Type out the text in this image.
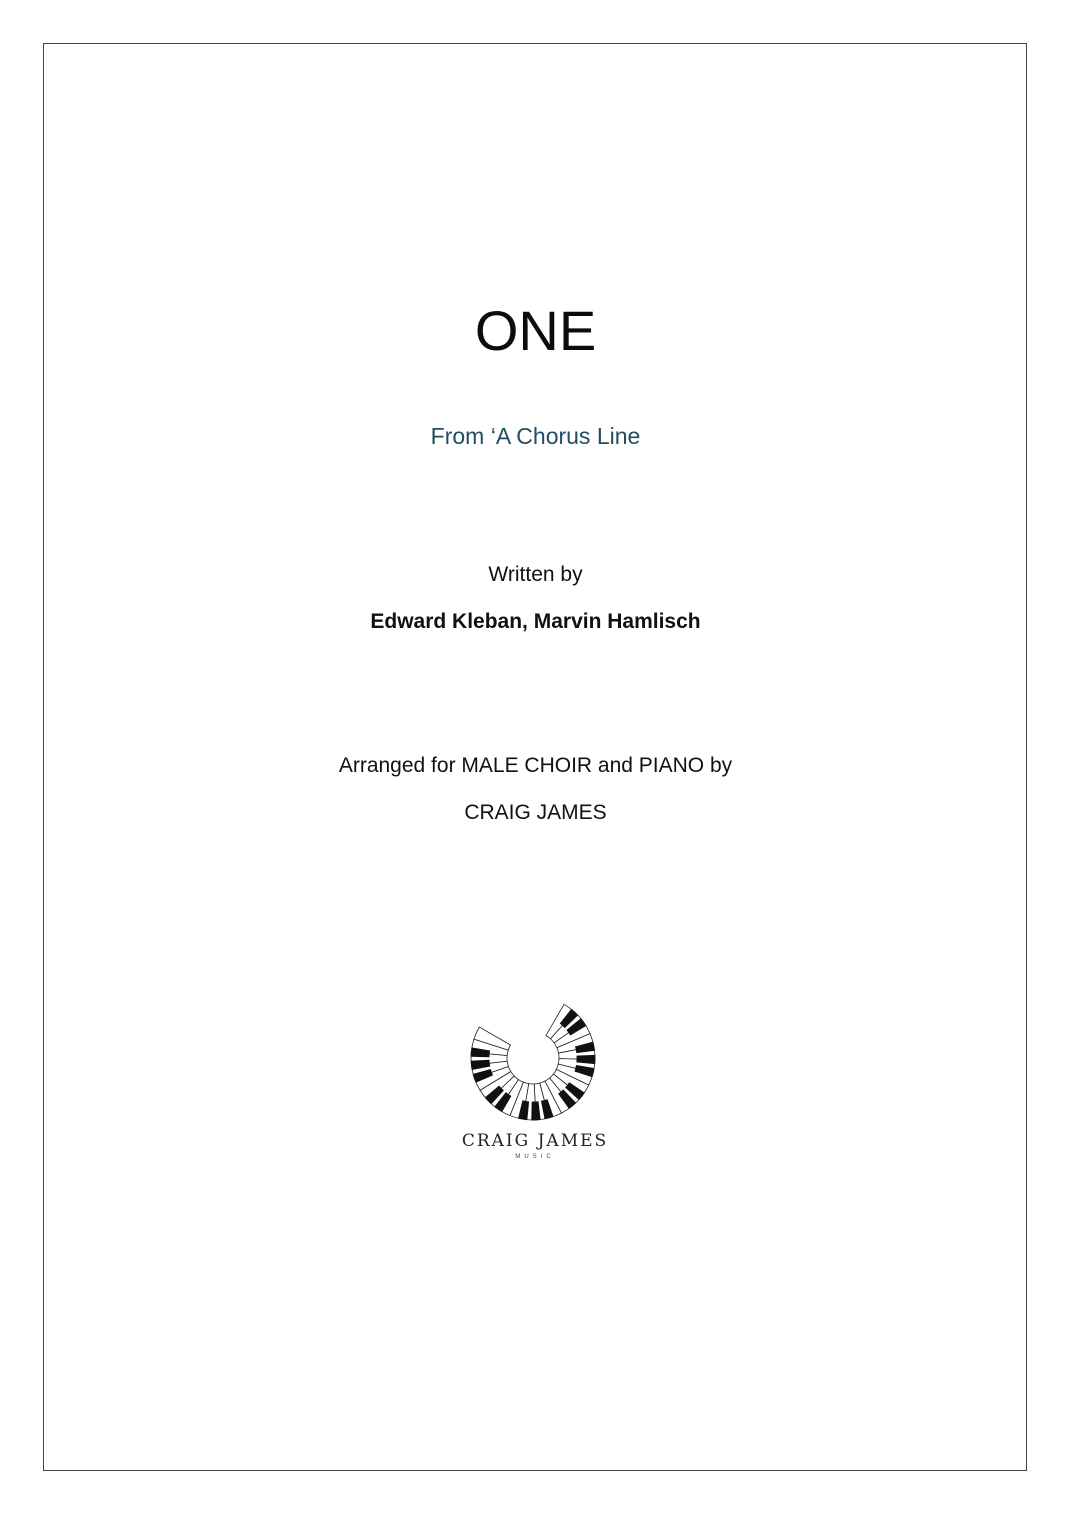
ONE
From ‘A Chorus Line
Written by
Edward Kleban, Marvin Hamlisch
Arranged for MALE CHOIR and PIANO by
CRAIG JAMES
CRAIG JAMES
MUSIC
